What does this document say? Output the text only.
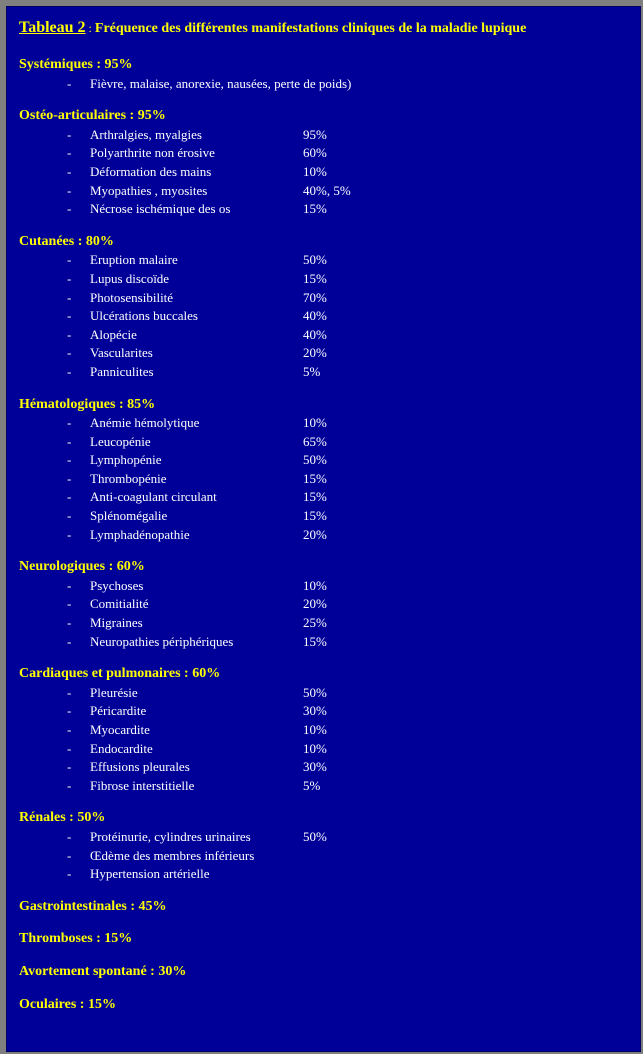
Tableau 2 : Fréquence des différentes manifestations cliniques de la maladie lupique
Systémiques : 95%
- Fièvre, malaise, anorexie, nausées, perte de poids)
Ostéo-articulaires : 95%
- Arthralgies, myalgies	95%
- Polyarthrite non érosive	60%
- Déformation des mains	10%
- Myopathies , myosites	40%, 5%
- Nécrose ischémique des os	15%
Cutanées : 80%
- Eruption malaire	50%
- Lupus discoïde	15%
- Photosensibilité	70%
- Ulcérations buccales	40%
- Alopécie	40%
- Vascularites	20%
- Panniculites	5%
Hématologiques : 85%
- Anémie hémolytique	10%
- Leucopénie	65%
- Lymphopénie	50%
- Thrombopénie	15%
- Anti-coagulant circulant	15%
- Splénomégalie	15%
- Lymphadénopathie	20%
Neurologiques : 60%
- Psychoses	10%
- Comitialité	20%
- Migraines	25%
- Neuropathies périphériques	15%
Cardiaques et pulmonaires : 60%
- Pleurésie	50%
- Péricardite	30%
- Myocardite	10%
- Endocardite	10%
- Effusions pleurales	30%
- Fibrose interstitielle	5%
Rénales : 50%
- Protéinurie, cylindres urinaires	50%
- Œdème des membres inférieurs
- Hypertension artérielle
Gastrointestinales : 45%
Thromboses : 15%
Avortement spontané : 30%
Oculaires : 15%
